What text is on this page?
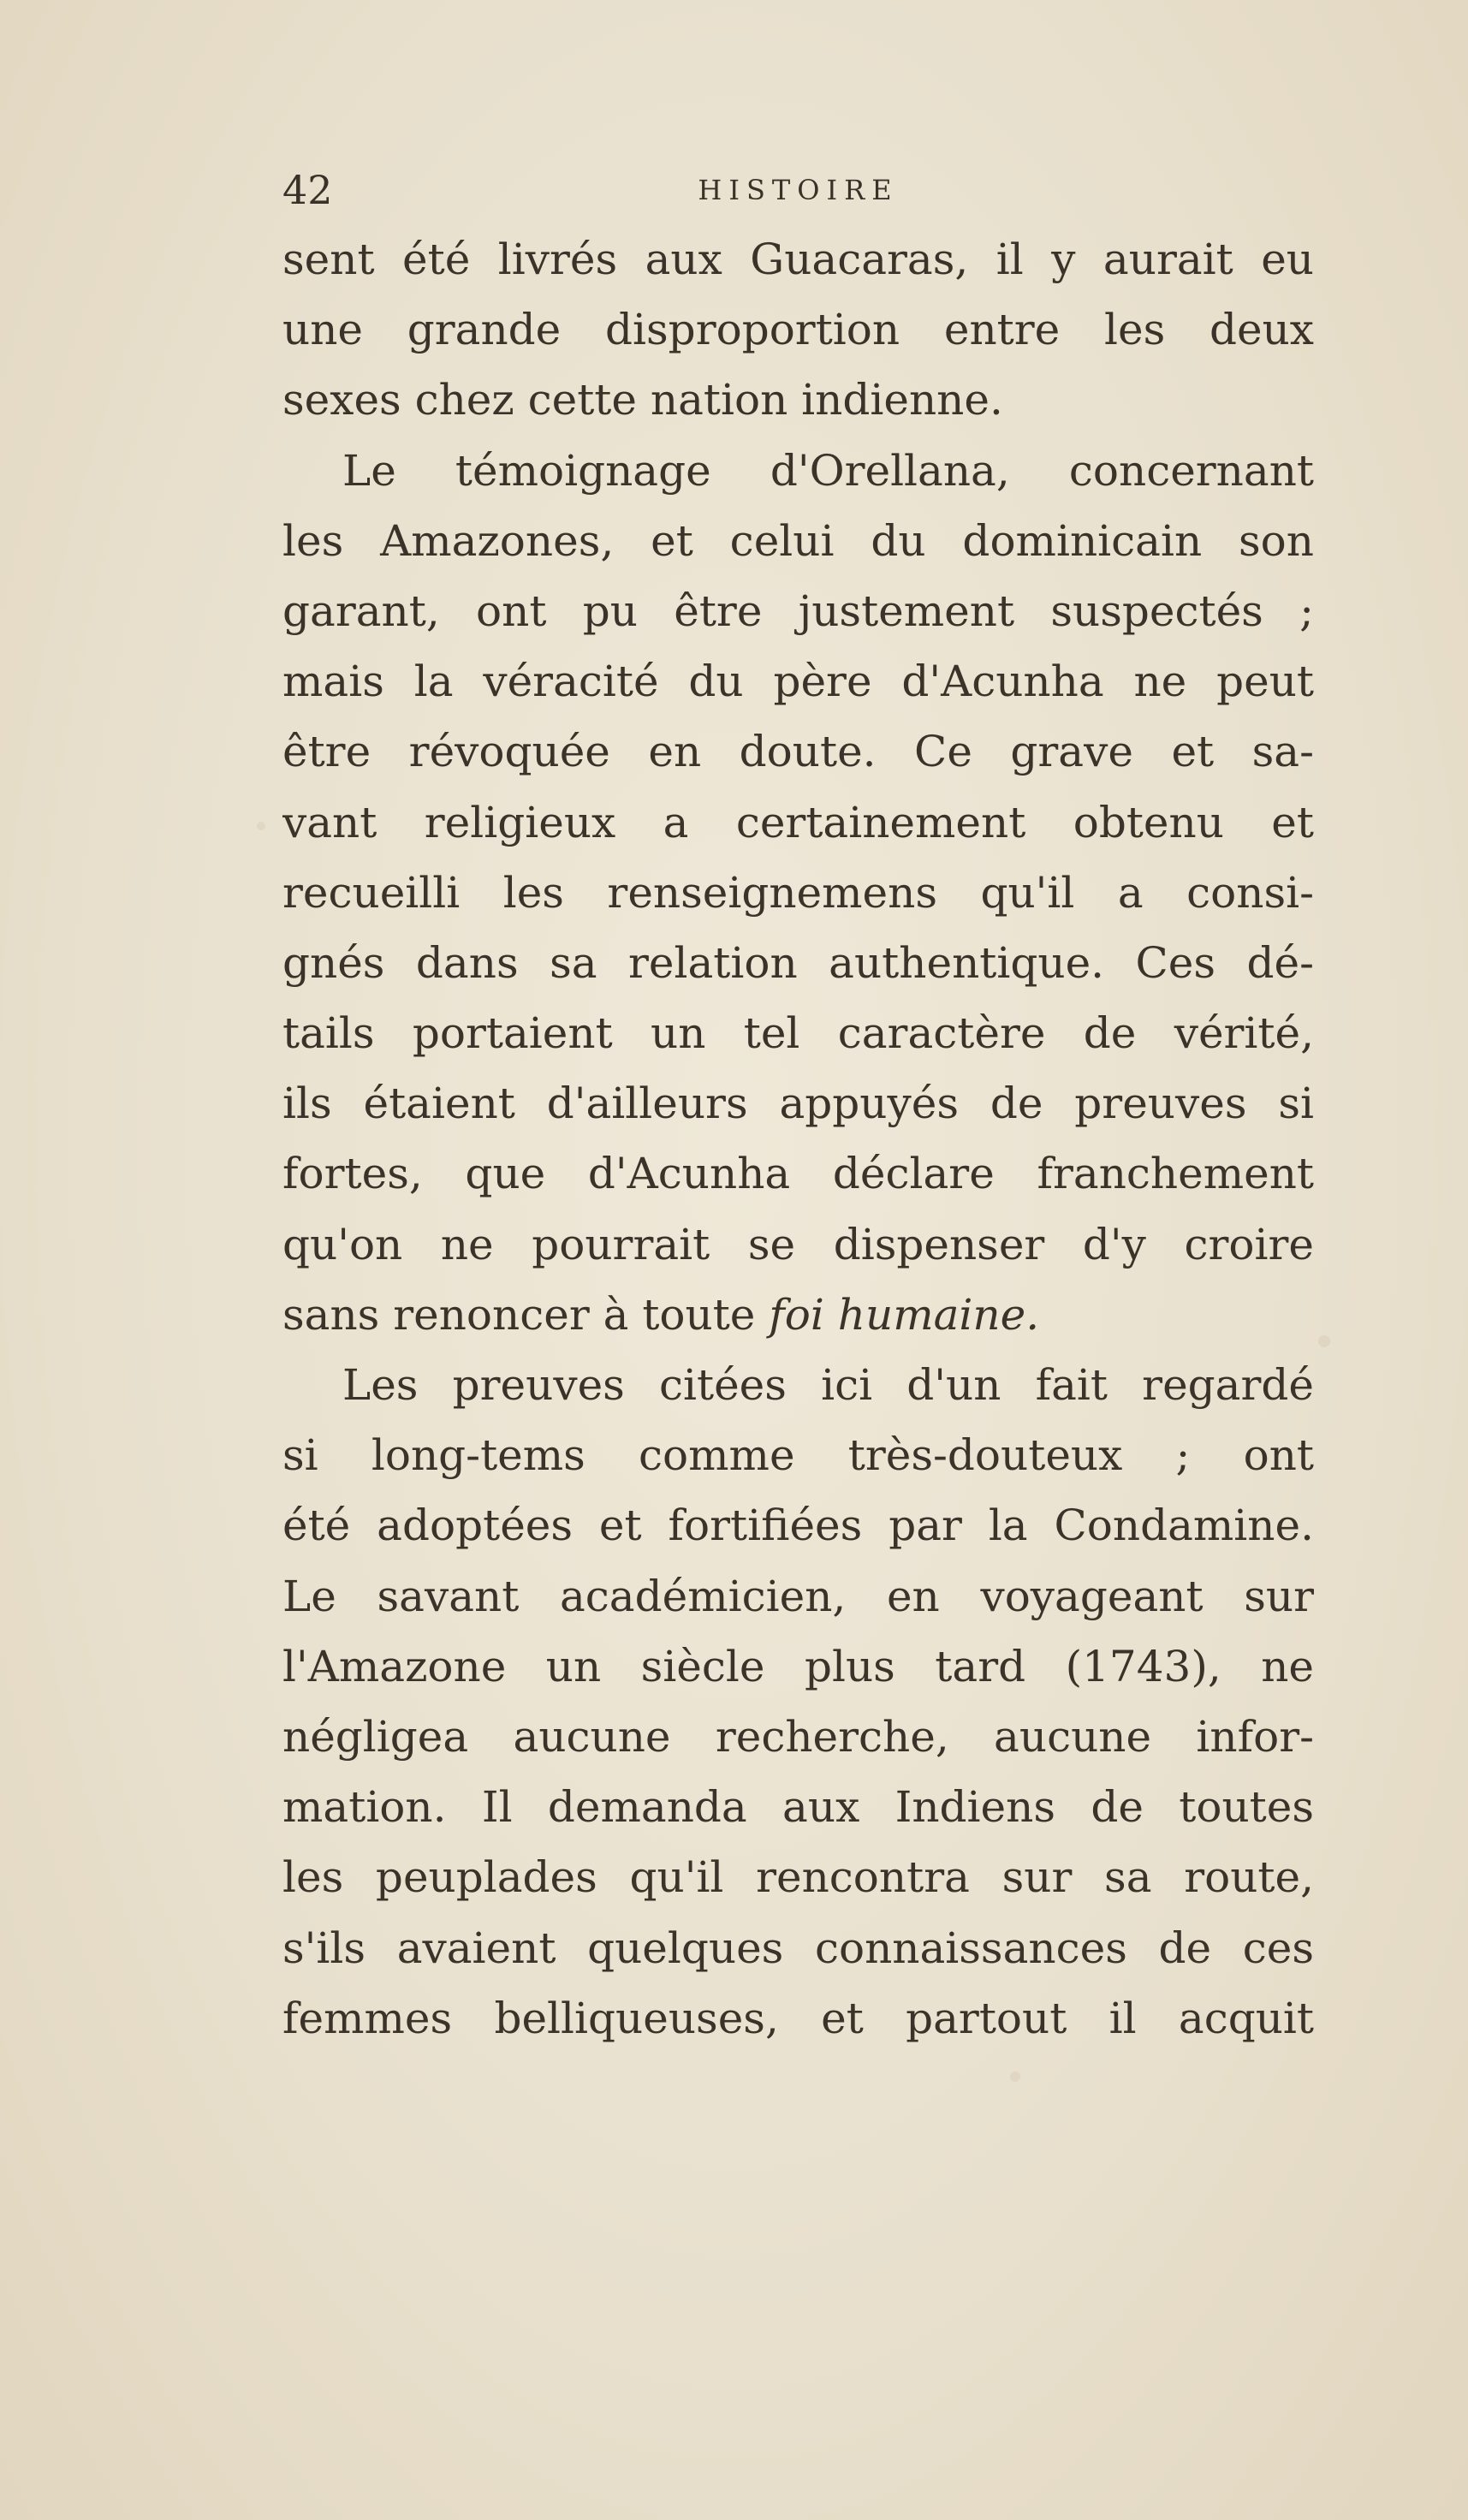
42	HISTOIRE
sent été livrés aux Guacaras, il y aurait eu
une grande disproportion entre les deux
sexes chez cette nation indienne.
Le témoignage d'Orellana, concernant
les Amazones, et celui du dominicain son
garant, ont pu être justement suspectés ;
mais la véracité du père d'Acunha ne peut
être révoquée en doute. Ce grave et sa-
vant religieux a certainement obtenu et
recueilli les renseignemens qu'il a consi-
gnés dans sa relation authentique. Ces dé-
tails portaient un tel caractère de vérité,
ils étaient d'ailleurs appuyés de preuves si
fortes, que d'Acunha déclare franchement
qu'on ne pourrait se dispenser d'y croire
sans renoncer à toute foi humaine.
Les preuves citées ici d'un fait regardé
si long-tems comme très-douteux ; ont
été adoptées et fortifiées par la Condamine.
Le savant académicien, en voyageant sur
l'Amazone un siècle plus tard (1743), ne
négligea aucune recherche, aucune infor-
mation. Il demanda aux Indiens de toutes
les peuplades qu'il rencontra sur sa route,
s'ils avaient quelques connaissances de ces
femmes belliqueuses, et partout il acquit
